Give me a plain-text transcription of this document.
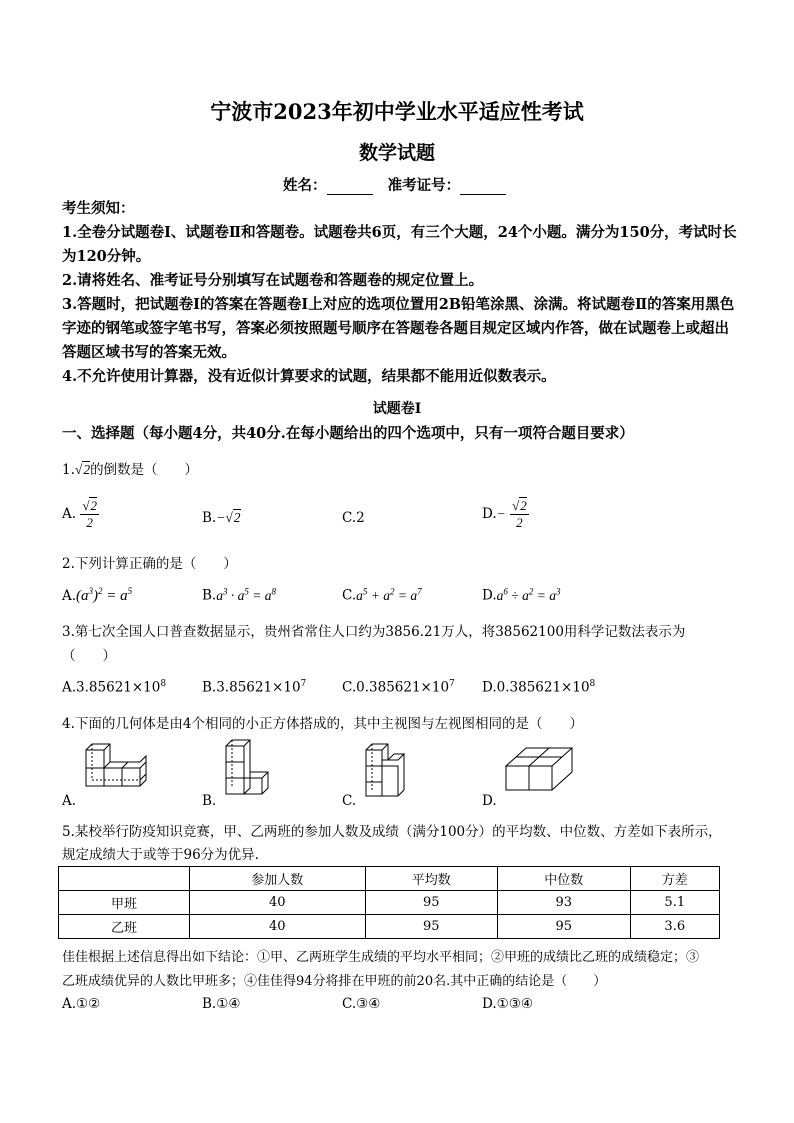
宁波市2023年初中学业水平适应性考试
数学试题
姓名：	准考证号：
考生须知：
1.全卷分试题卷Ⅰ、试题卷Ⅱ和答题卷。试题卷共6页，有三个大题，24个小题。满分为150分，考试时长为120分钟。
2.请将姓名、准考证号分别填写在试题卷和答题卷的规定位置上。
3.答题时，把试题卷Ⅰ的答案在答题卷Ⅰ上对应的选项位置用2B铅笔涂黑、涂满。将试题卷Ⅱ的答案用黑色字迹的钢笔或签字笔书写，答案必须按照题号顺序在答题卷各题目规定区域内作答，做在试题卷上或超出答题区域书写的答案无效。
4.不允许使用计算器，没有近似计算要求的试题，结果都不能用近似数表示。
试题卷Ⅰ
一、选择题（每小题4分，共40分.在每小题给出的四个选项中，只有一项符合题目要求）
1.√2的倒数是（　　）
A. $\frac{√2}{2}$	B.−√2	C.2	$D.- \frac{√2}{2}$
2.下列计算正确的是（　　）
$A.(a^3)^2 = a^5$	$B.a^3 \cdot a^5 = a^8$	$C.a^5 + a^2 = a^7$	$D.a^6 \div a^2 = a^3$
3.第七次全国人口普查数据显示，贵州省常住人口约为3856.21万人，将38562100用科学记数法表示为
（　　）
$A.3.85621\times 10^8$	$B.3.85621\times 10^7$	$C.0.385621\times 10^7$ $D.0.385621\times 10^8$
4.下面的几何体是由4个相同的小正方体搭成的，其中主视图与左视图相同的是（　　）
A.	B.	C.	D.
5.某校举行防疫知识竞赛，甲、乙两班的参加人数及成绩（满分100分）的平均数、中位数、方差如下表所示，
规定成绩大于或等于96分为优异.
	参加人数	平均数	中位数	方差
甲班	40	95	93	5.1
乙班	40	95	95	3.6
佳佳根据上述信息得出如下结论：①甲、乙两班学生成绩的平均水平相同；②甲班的成绩比乙班的成绩稳定；③
乙班成绩优异的人数比甲班多；④佳佳得94分将排在甲班的前20名.其中正确的结论是（　　）
A.①②	B.①④	C.③④	D.①③④
